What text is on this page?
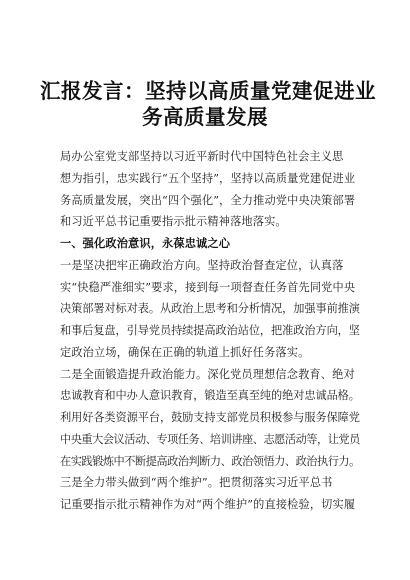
汇报发言：坚持以高质量党建促进业
务高质量发展
局办公室党支部坚持以习近平新时代中国特色社会主义思
想为指引，忠实践行“五个坚持”，坚持以高质量党建促进业
务高质量发展，突出“四个强化”，全力推动党中央决策部署
和习近平总书记重要指示批示精神落地落实。
一、强化政治意识，永葆忠诚之心
一是坚决把牢正确政治方向。坚持政治督查定位，认真落
实“快稳严准细实”要求，接到每一项督查任务首先同党中央
决策部署对标对表。从政治上思考和分析情况，加强事前推演
和事后复盘，引导党员持续提高政治站位，把准政治方向，坚
定政治立场，确保在正确的轨道上抓好任务落实。
二是全面锻造提升政治能力。深化党员理想信念教育、绝对
忠诚教育和中办人意识教育，锻造至真至纯的绝对忠诚品格。
利用好各类资源平台，鼓励支持支部党员积极参与服务保障党
中央重大会议活动、专项任务、培训讲座、志愿活动等，让党员
在实践锻炼中不断提高政治判断力、政治领悟力、政治执行力。
三是全力带头做到“两个维护”。把贯彻落实习近平总书
记重要指示批示精神作为对“两个维护”的直接检验，切实履
